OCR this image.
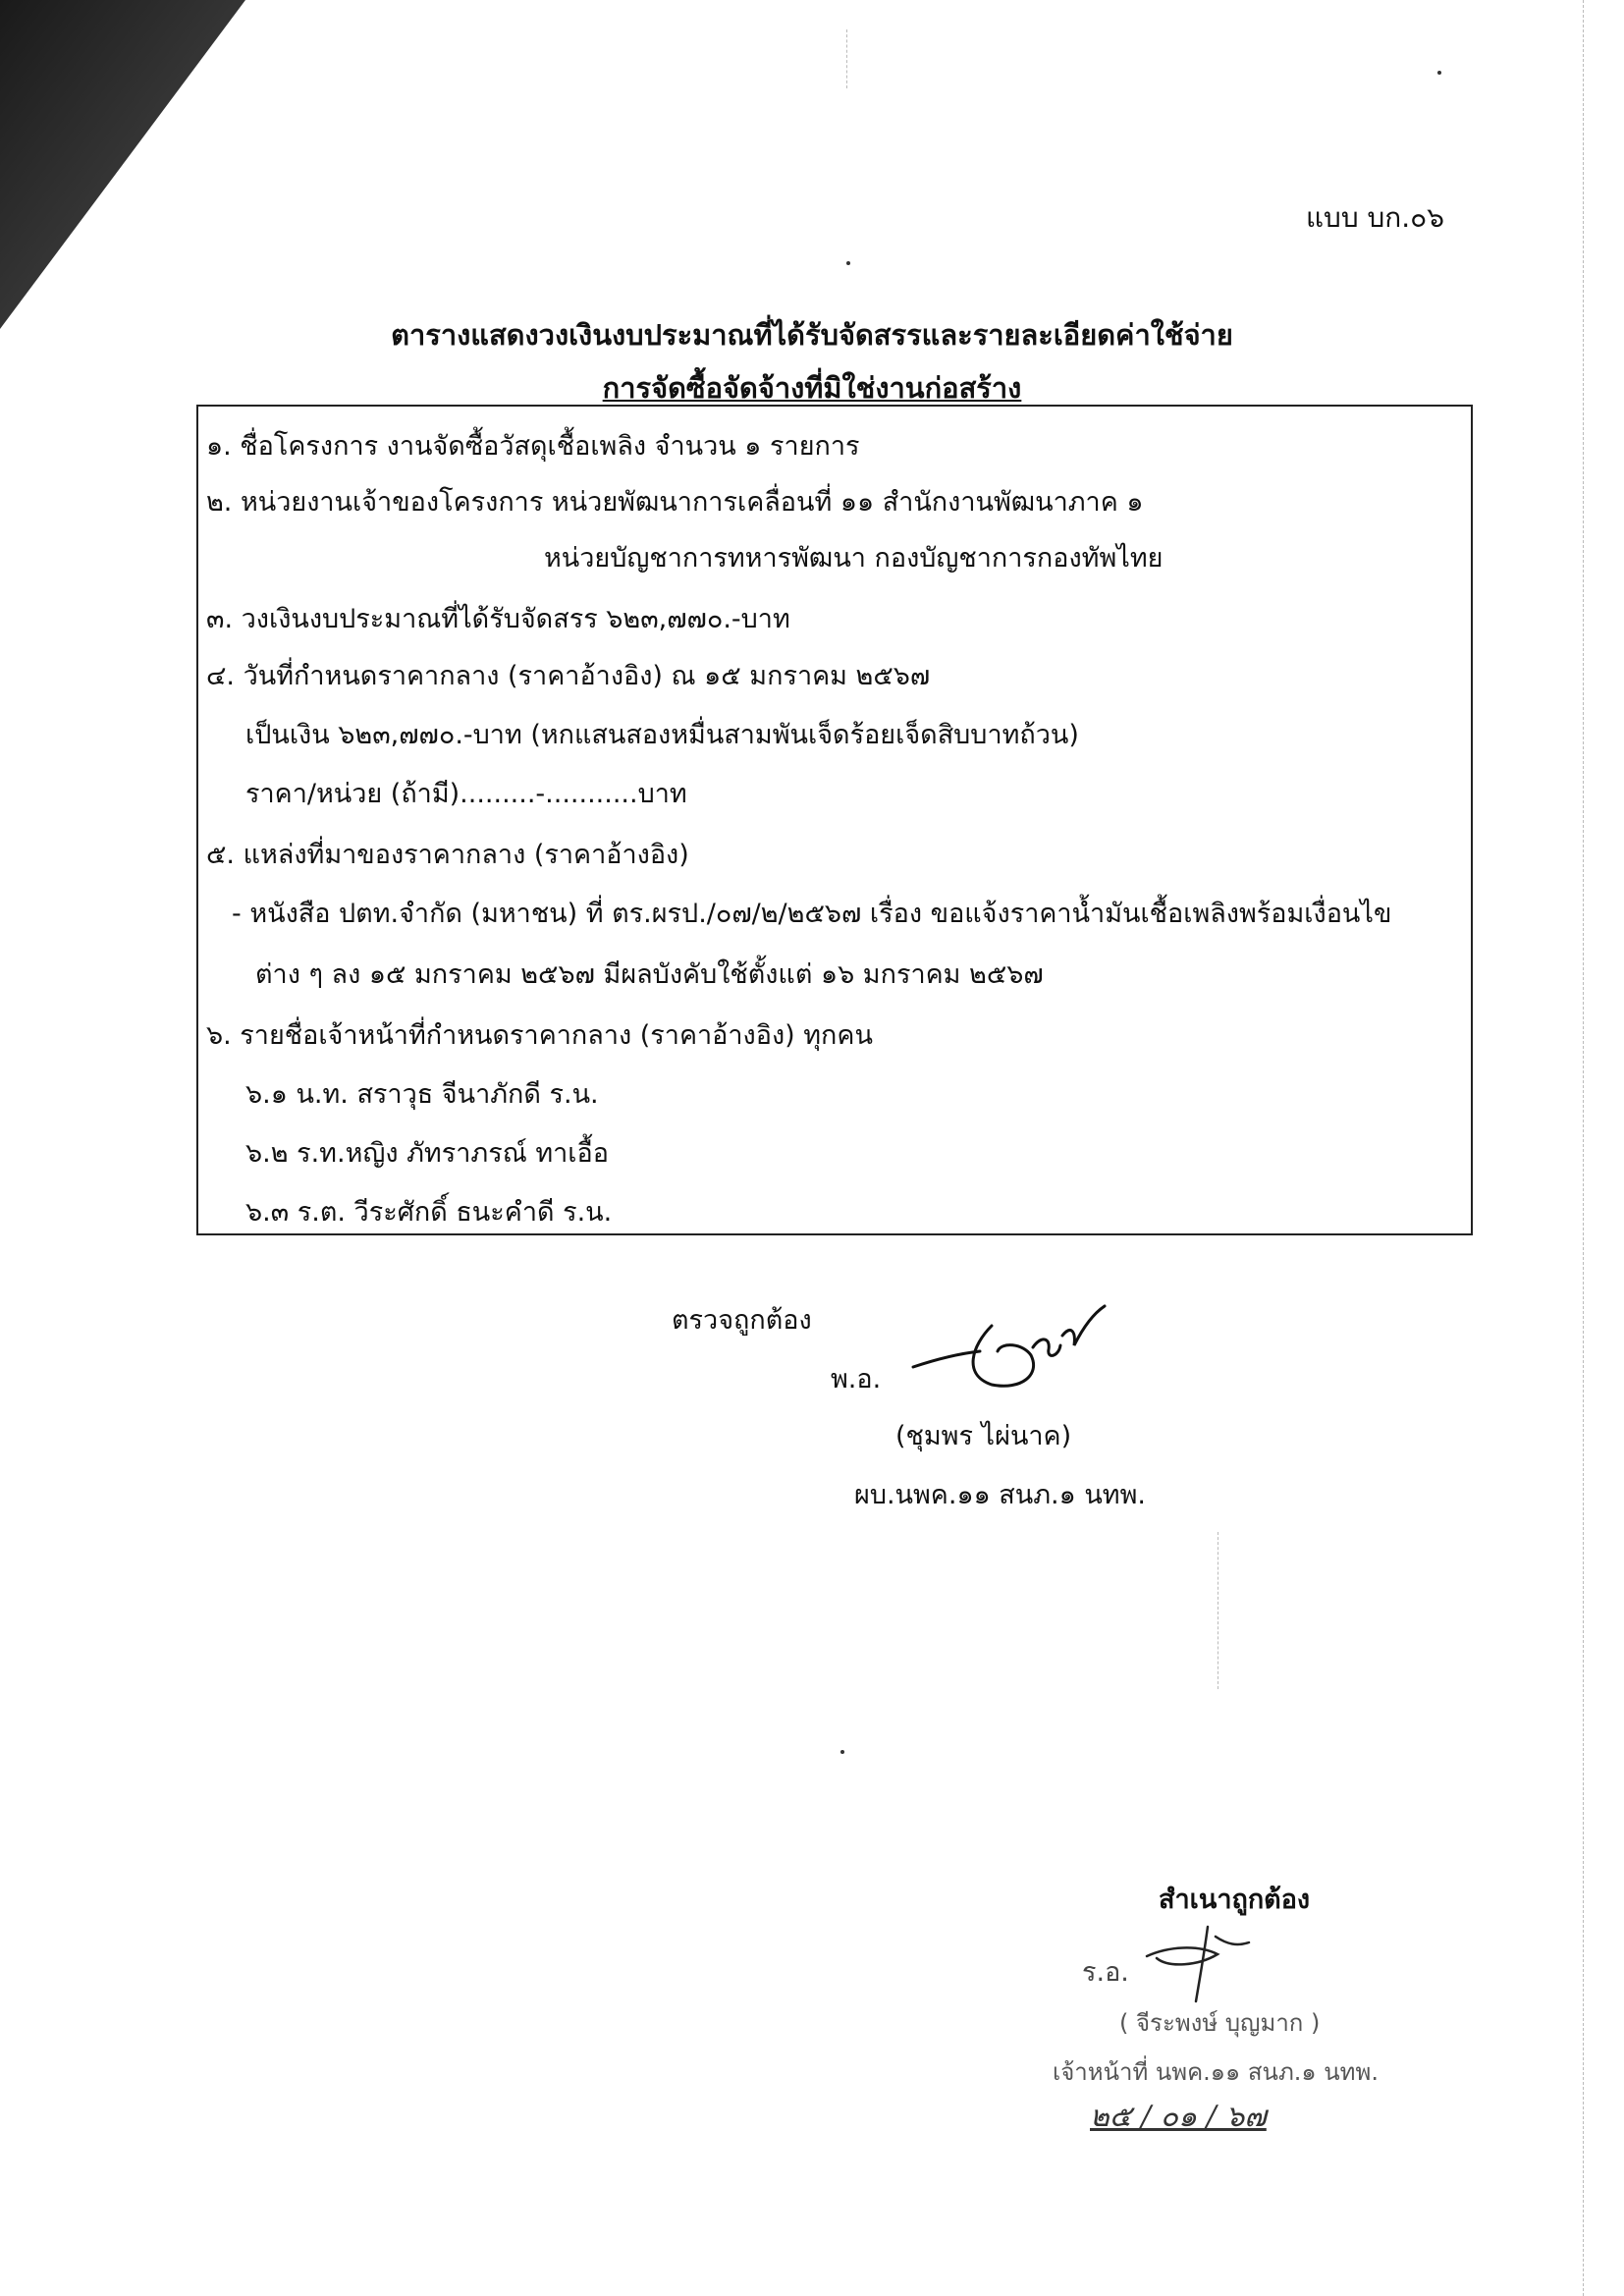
แบบ บก.๐๖
ตารางแสดงวงเงินงบประมาณที่ได้รับจัดสรรและรายละเอียดค่าใช้จ่าย
การจัดซื้อจัดจ้างที่มิใช่งานก่อสร้าง
๑. ชื่อโครงการ งานจัดซื้อวัสดุเชื้อเพลิง จำนวน ๑ รายการ
๒. หน่วยงานเจ้าของโครงการ หน่วยพัฒนาการเคลื่อนที่ ๑๑ สำนักงานพัฒนาภาค ๑
หน่วยบัญชาการทหารพัฒนา กองบัญชาการกองทัพไทย
๓. วงเงินงบประมาณที่ได้รับจัดสรร ๖๒๓,๗๗๐.-บาท
๔. วันที่กำหนดราคากลาง (ราคาอ้างอิง) ณ ๑๕ มกราคม ๒๕๖๗
เป็นเงิน ๖๒๓,๗๗๐.-บาท (หกแสนสองหมื่นสามพันเจ็ดร้อยเจ็ดสิบบาทถ้วน)
ราคา/หน่วย (ถ้ามี).........-...........บาท
๕. แหล่งที่มาของราคากลาง (ราคาอ้างอิง)
- หนังสือ ปตท.จำกัด (มหาชน) ที่ ตร.ผรป./๐๗/๒/๒๕๖๗ เรื่อง ขอแจ้งราคาน้ำมันเชื้อเพลิงพร้อมเงื่อนไข
ต่าง ๆ ลง ๑๕ มกราคม ๒๕๖๗ มีผลบังคับใช้ตั้งแต่ ๑๖ มกราคม ๒๕๖๗
๖. รายชื่อเจ้าหน้าที่กำหนดราคากลาง (ราคาอ้างอิง) ทุกคน
๖.๑ น.ท. สราวุธ จีนาภักดี ร.น.
๖.๒ ร.ท.หญิง ภัทราภรณ์ ทาเอื้อ
๖.๓ ร.ต. วีระศักดิ์ ธนะคำดี ร.น.
ตรวจถูกต้อง
พ.อ.
(ชุมพร ไผ่นาค)
ผบ.นพค.๑๑ สนภ.๑ นทพ.
สำเนาถูกต้อง
ร.อ.
( จีระพงษ์ บุญมาก )
เจ้าหน้าที่ นพค.๑๑ สนภ.๑ นทพ.
๒๕ / ๐๑ / ๖๗
